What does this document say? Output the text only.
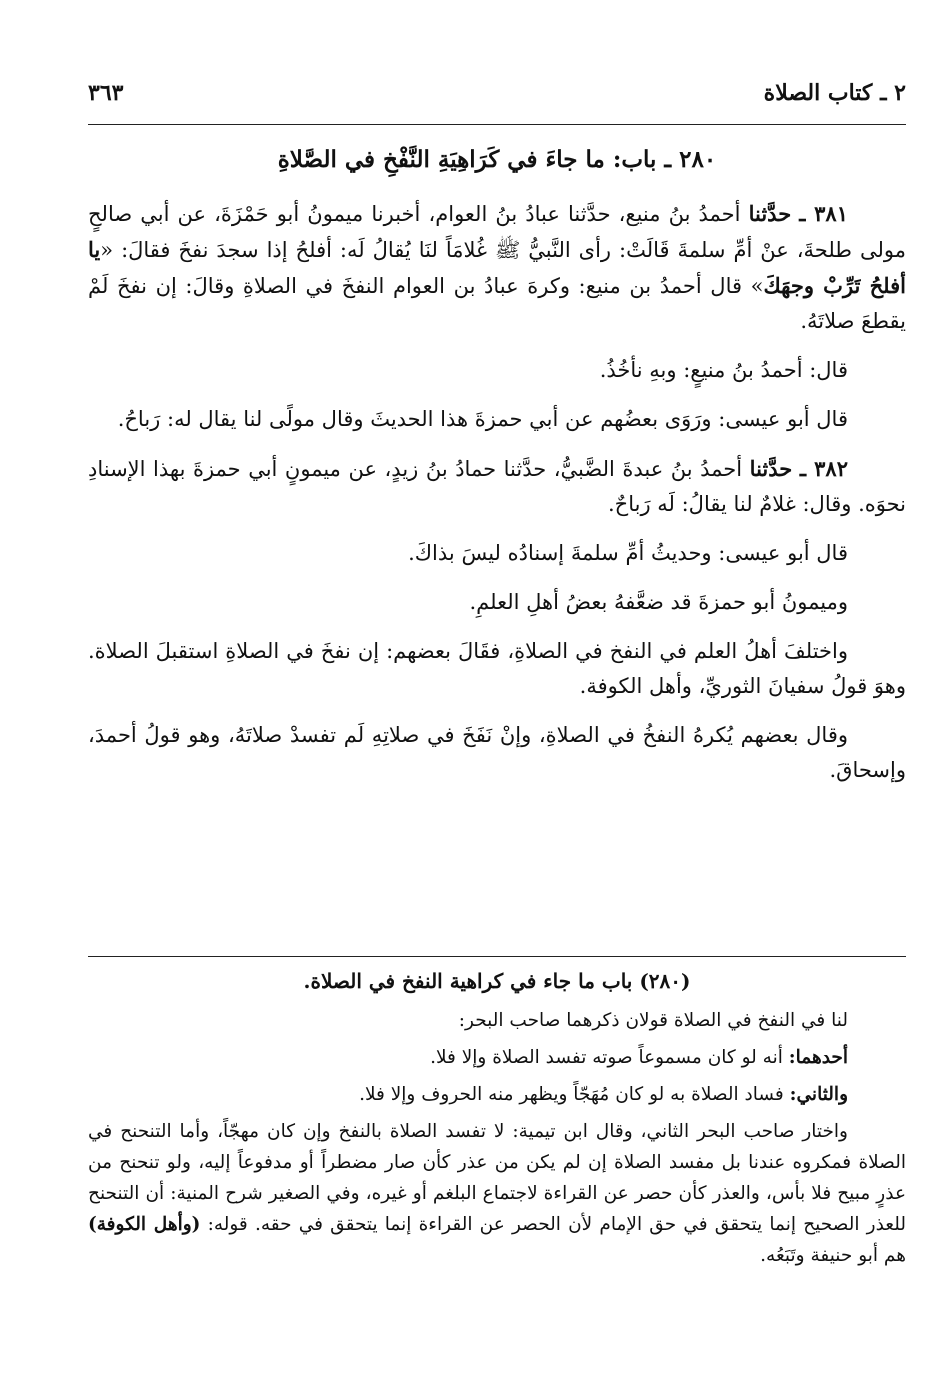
٢ ـ كتاب الصلاة
٣٦٣
٢٨٠ ـ باب: ما جاءَ في كَرَاهِيَةِ النَّفْخِ في الصَّلاةِ

٣٨١ ـ حدَّثنا أحمدُ بنُ منيع، حدَّثنا عبادُ بنُ العوام، أخبرنا ميمونُ أبو حَمْزَةَ، عن أبي صالحٍ مولى طلحةَ، عنْ أمِّ سلمةَ قَالَتْ: رأى النَّبيُّ ﷺ غُلامَاً لنَا يُقالُ لَه: أفلحُ إذا سجدَ نفخَ فقالَ: «يا أفلحُ تَرِّبْ وجهَكَ» قال أحمدُ بن منيع: وكرهَ عبادُ بن العوام النفخَ في الصلاةِ وقالَ: إن نفخَ لَمْ يقطعَ صلاتَهُ.

قال: أحمدُ بنُ منيعٍ: وبهِ نأخُذُ.

قال أبو عيسى: ورَوَى بعضُهم عن أبي حمزةَ هذا الحديثَ وقال مولًى لنا يقال له: رَباحُ.

٣٨٢ ـ حدَّثنا أحمدُ بنُ عبدةَ الضَّبيُّ، حدَّثنا حمادُ بنُ زيدٍ، عن ميمونٍ أبي حمزةَ بهذا الإسنادِ نحوَه. وقال: غلامٌ لنا يقالُ: لَه رَباحٌ.

قال أبو عيسى: وحديثُ أمِّ سلمةَ إسنادُه ليسَ بذاكَ.

وميمونُ أبو حمزةَ قد ضعَّفهُ بعضُ أهلِ العلمِ.

واختلفَ أهلُ العلم في النفخ في الصلاةِ، فقَالَ بعضهم: إن نفخَ في الصلاةِ استقبلَ الصلاة. وهوَ قولُ سفيانَ الثوريِّ، وأهل الكوفة.

وقال بعضهم يُكرهُ النفخُ في الصلاةِ، وإنْ نَفَخَ في صلاتِهِ لَم تفسدْ صلاتَهُ، وهو قولُ أحمدَ، وإسحاقَ.

(٢٨٠) باب ما جاء في كراهية النفخ في الصلاة.

لنا في النفخ في الصلاة قولان ذكرهما صاحب البحر:

أحدهما: أنه لو كان مسموعاً صوته تفسد الصلاة وإلا فلا.

والثاني: فساد الصلاة به لو كان مُهَجّاً ويظهر منه الحروف وإلا فلا.

واختار صاحب البحر الثاني، وقال ابن تيمية: لا تفسد الصلاة بالنفخ وإن كان مهجّاً، وأما التنحنح في الصلاة فمكروه عندنا بل مفسد الصلاة إن لم يكن من عذر كأن صار مضطراً أو مدفوعاً إليه، ولو تنحنح من عذرٍ مبيح فلا بأس، والعذر كأن حصر عن القراءة لاجتماع البلغم أو غيره، وفي الصغير شرح المنية: أن التنحنح للعذر الصحيح إنما يتحقق في حق الإمام لأن الحصر عن القراءة إنما يتحقق في حقه. قوله: (وأهل الكوفة) هم أبو حنيفة وتَبَعُه.
